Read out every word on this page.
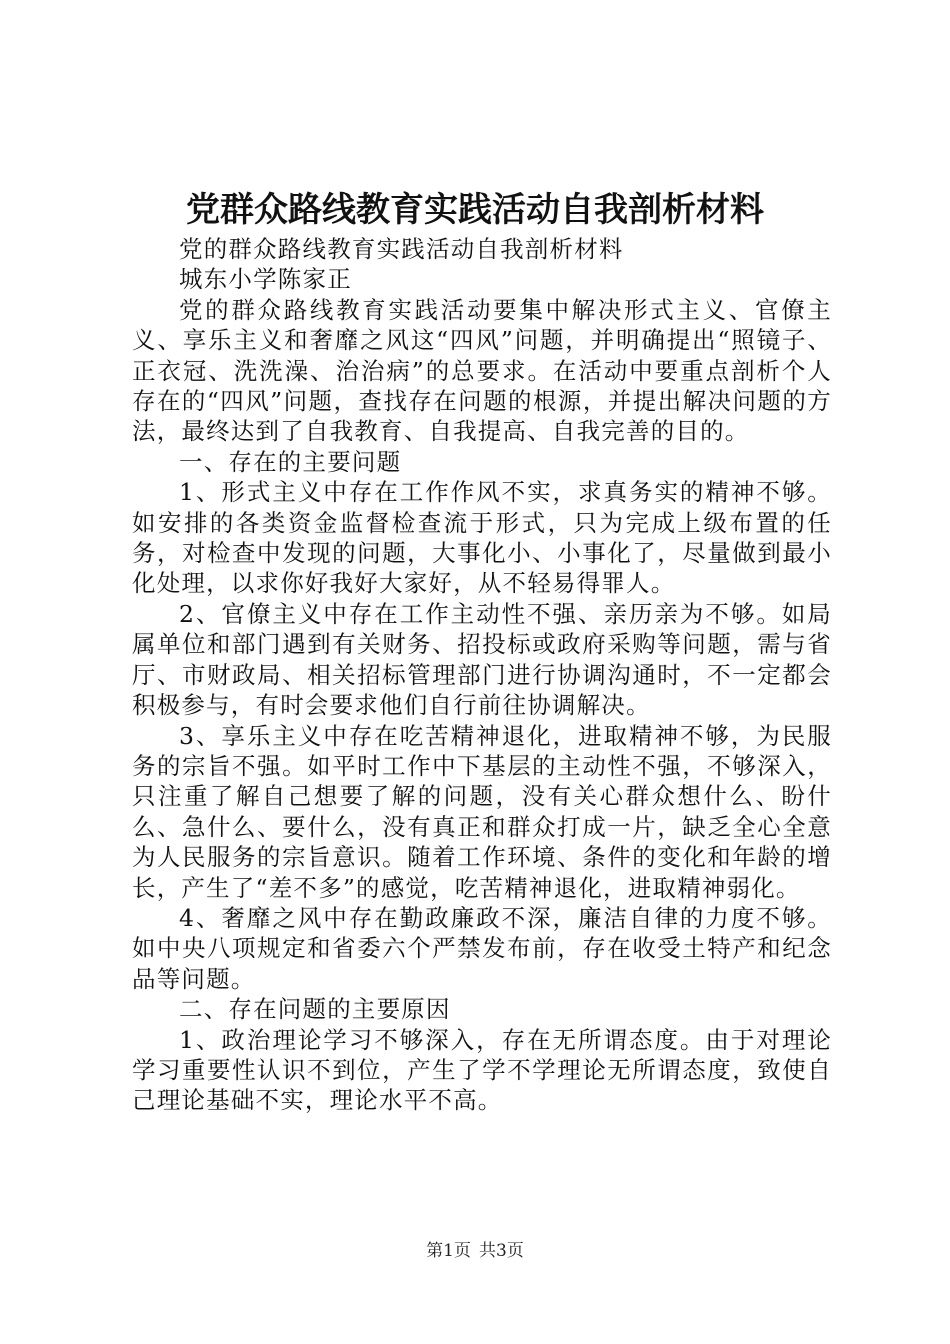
党群众路线教育实践活动自我剖析材料

党的群众路线教育实践活动自我剖析材料

城东小学陈家正

党的群众路线教育实践活动要集中解决形式主义、官僚主义、享乐主义和奢靡之风这“四风”问题，并明确提出“照镜子、正衣冠、洗洗澡、治治病”的总要求。在活动中要重点剖析个人存在的“四风”问题，查找存在问题的根源，并提出解决问题的方法，最终达到了自我教育、自我提高、自我完善的目的。

一、存在的主要问题

1、形式主义中存在工作作风不实，求真务实的精神不够。如安排的各类资金监督检查流于形式，只为完成上级布置的任务，对检查中发现的问题，大事化小、小事化了，尽量做到最小化处理，以求你好我好大家好，从不轻易得罪人。

2、官僚主义中存在工作主动性不强、亲历亲为不够。如局属单位和部门遇到有关财务、招投标或政府采购等问题，需与省厅、市财政局、相关招标管理部门进行协调沟通时，不一定都会积极参与，有时会要求他们自行前往协调解决。

3、享乐主义中存在吃苦精神退化，进取精神不够，为民服务的宗旨不强。如平时工作中下基层的主动性不强，不够深入，只注重了解自己想要了解的问题，没有关心群众想什么、盼什么、急什么、要什么，没有真正和群众打成一片，缺乏全心全意为人民服务的宗旨意识。随着工作环境、条件的变化和年龄的增长，产生了“差不多”的感觉，吃苦精神退化，进取精神弱化。

4、奢靡之风中存在勤政廉政不深，廉洁自律的力度不够。如中央八项规定和省委六个严禁发布前，存在收受土特产和纪念品等问题。

二、存在问题的主要原因

1、政治理论学习不够深入，存在无所谓态度。由于对理论学习重要性认识不到位，产生了学不学理论无所谓态度，致使自己理论基础不实，理论水平不高。

第1页 共3页
